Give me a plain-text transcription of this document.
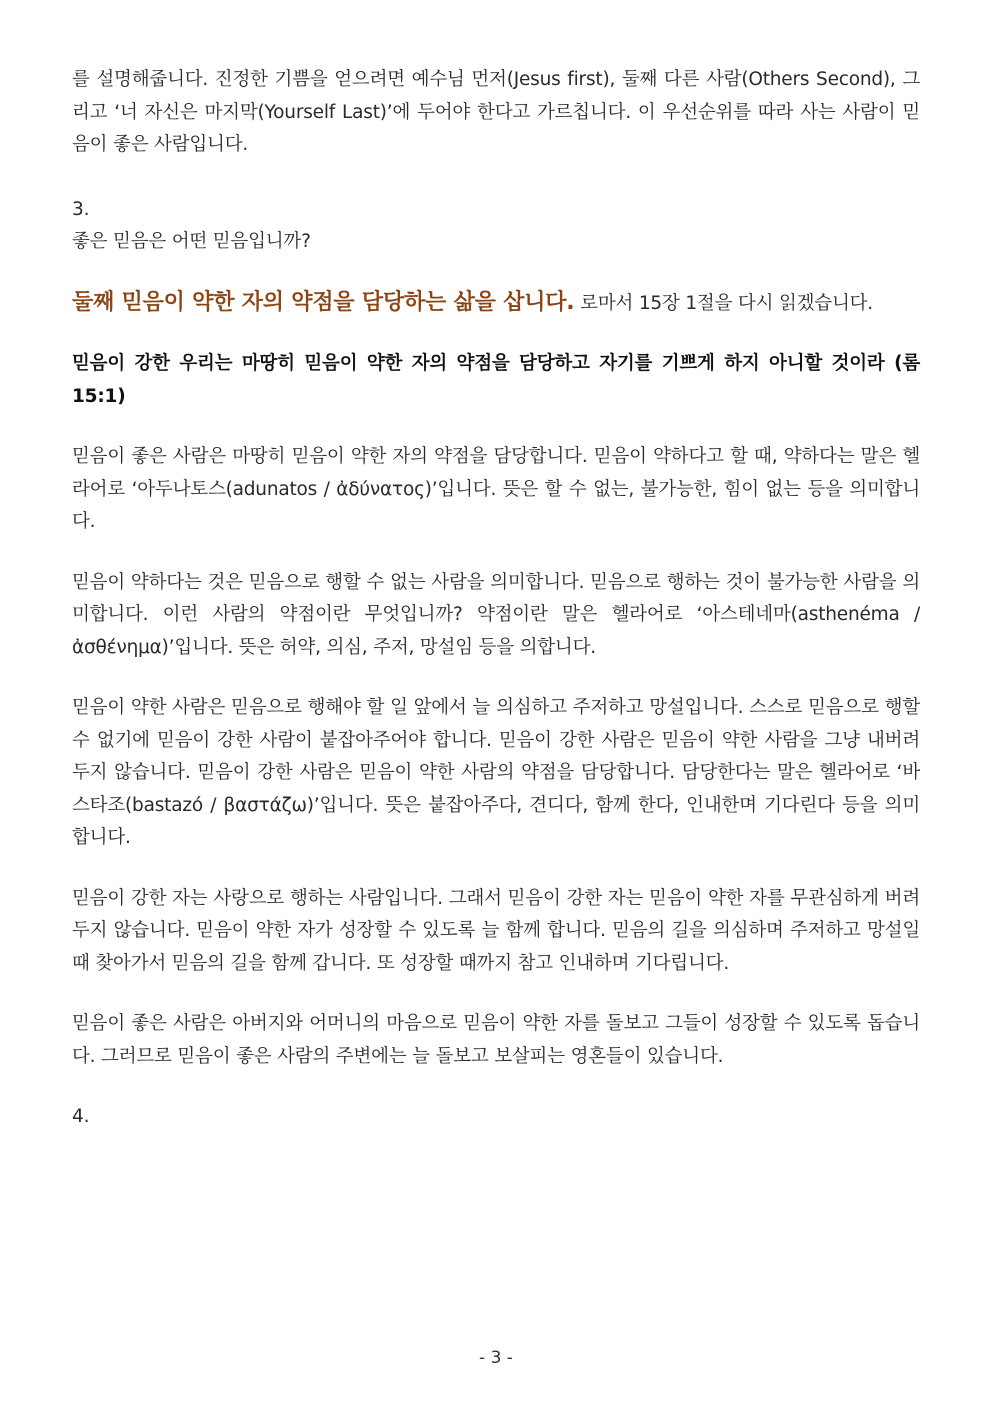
를 설명해줍니다. 진정한 기쁨을 얻으려면 예수님 먼저(Jesus first), 둘째 다른 사람(Others Second), 그리고 ‘너 자신은 마지막(Yourself Last)’에 두어야 한다고 가르칩니다. 이 우선순위를 따라 사는 사람이 믿음이 좋은 사람입니다.

3.

좋은 믿음은 어떤 믿음입니까?

둘째 믿음이 약한 자의 약점을 담당하는 삶을 삽니다. 로마서 15장 1절을 다시 읽겠습니다.

믿음이 강한 우리는 마땅히 믿음이 약한 자의 약점을 담당하고 자기를 기쁘게 하지 아니할 것이라 (롬 15:1)

믿음이 좋은 사람은 마땅히 믿음이 약한 자의 약점을 담당합니다. 믿음이 약하다고 할 때, 약하다는 말은 헬라어로 ‘아두나토스(adunatos / ἀδύνατος)’입니다. 뜻은 할 수 없는, 불가능한, 힘이 없는 등을 의미합니다.

믿음이 약하다는 것은 믿음으로 행할 수 없는 사람을 의미합니다. 믿음으로 행하는 것이 불가능한 사람을 의미합니다. 이런 사람의 약점이란 무엇입니까? 약점이란 말은 헬라어로 ‘아스테네마(asthenéma / ἀσθένημα)’입니다. 뜻은 허약, 의심, 주저, 망설임 등을 의합니다.

믿음이 약한 사람은 믿음으로 행해야 할 일 앞에서 늘 의심하고 주저하고 망설입니다. 스스로 믿음으로 행할 수 없기에 믿음이 강한 사람이 붙잡아주어야 합니다. 믿음이 강한 사람은 믿음이 약한 사람을 그냥 내버려 두지 않습니다. 믿음이 강한 사람은 믿음이 약한 사람의 약점을 담당합니다. 담당한다는 말은 헬라어로 ‘바스타조(bastazó / βαστάζω)’입니다. 뜻은 붙잡아주다, 견디다, 함께 한다, 인내한며 기다린다 등을 의미합니다.

믿음이 강한 자는 사랑으로 행하는 사람입니다. 그래서 믿음이 강한 자는 믿음이 약한 자를 무관심하게 버려두지 않습니다. 믿음이 약한 자가 성장할 수 있도록 늘 함께 합니다. 믿음의 길을 의심하며 주저하고 망설일 때 찾아가서 믿음의 길을 함께 갑니다. 또 성장할 때까지 참고 인내하며 기다립니다.

믿음이 좋은 사람은 아버지와 어머니의 마음으로 믿음이 약한 자를 돌보고 그들이 성장할 수 있도록 돕습니다. 그러므로 믿음이 좋은 사람의 주변에는 늘 돌보고 보살피는 영혼들이 있습니다.

4.

- 3 -
